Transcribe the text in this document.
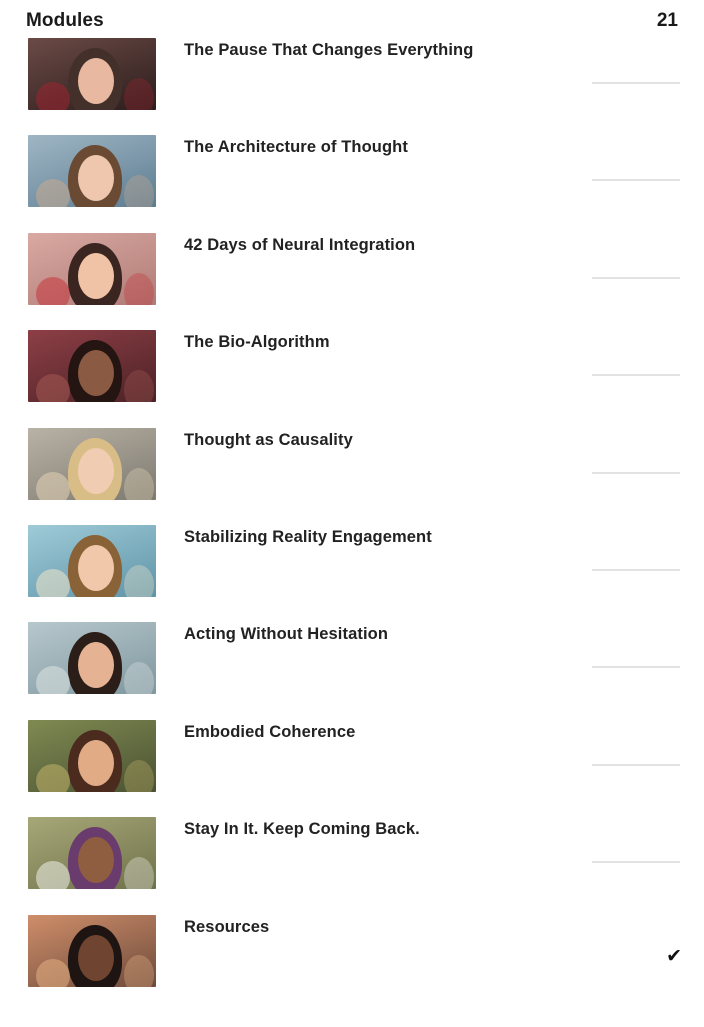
Modules	21
The Pause That Changes Everything
The Architecture of Thought
42 Days of Neural Integration
The Bio-Algorithm
Thought as Causality
Stabilizing Reality Engagement
Acting Without Hesitation
Embodied Coherence
Stay In It. Keep Coming Back.
Resources
✔
